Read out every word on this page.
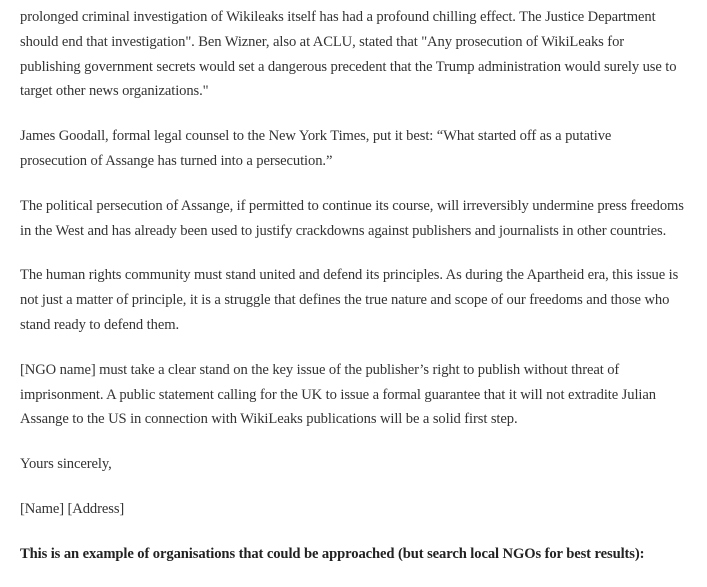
prolonged criminal investigation of Wikileaks itself has had a profound chilling effect. The Justice Department
should end that investigation". Ben Wizner, also at ACLU, stated that "Any prosecution of WikiLeaks for
publishing government secrets would set a dangerous precedent that the Trump administration would surely use to
target other news organizations."

James Goodall, formal legal counsel to the New York Times, put it best: “What started off as a putative
prosecution of Assange has turned into a persecution.”

The political persecution of Assange, if permitted to continue its course, will irreversibly undermine press freedoms
in the West and has already been used to justify crackdowns against publishers and journalists in other countries.

The human rights community must stand united and defend its principles. As during the Apartheid era, this issue is
not just a matter of principle, it is a struggle that defines the true nature and scope of our freedoms and those who
stand ready to defend them.

[NGO name] must take a clear stand on the key issue of the publisher’s right to publish without threat of
imprisonment. A public statement calling for the UK to issue a formal guarantee that it will not extradite Julian
Assange to the US in connection with WikiLeaks publications will be a solid first step.

Yours sincerely,

[Name] [Address]

This is an example of organisations that could be approached (but search local NGOs for best results):
